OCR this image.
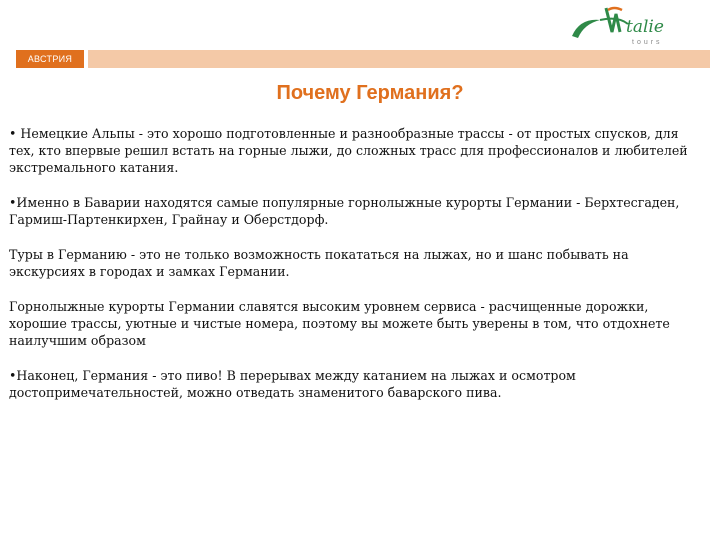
talie
tours
АВСТРИЯ
Почему Германия?

• Немецкие Альпы - это хорошо подготовленные и разнообразные трассы - от простых спусков, для тех, кто впервые решил встать на горные лыжи, до сложных трасс для профессионалов и любителей экстремального катания.

•Именно в Баварии находятся самые популярные горнолыжные курорты Германии - Берхтесгаден, Гармиш-Партенкирхен, Грайнау и Оберстдорф.

Туры в Германию - это не только возможность покататься на лыжах, но и шанс побывать на экскурсиях в городах и замках Германии.

Горнолыжные курорты Германии славятся высоким уровнем сервиса - расчищенные дорожки, хорошие трассы, уютные и чистые номера, поэтому вы можете быть уверены в том, что отдохнете наилучшим образом

•Наконец, Германия - это пиво! В перерывах между катанием на лыжах и осмотром достопримечательностей, можно отведать знаменитого баварского пива.
